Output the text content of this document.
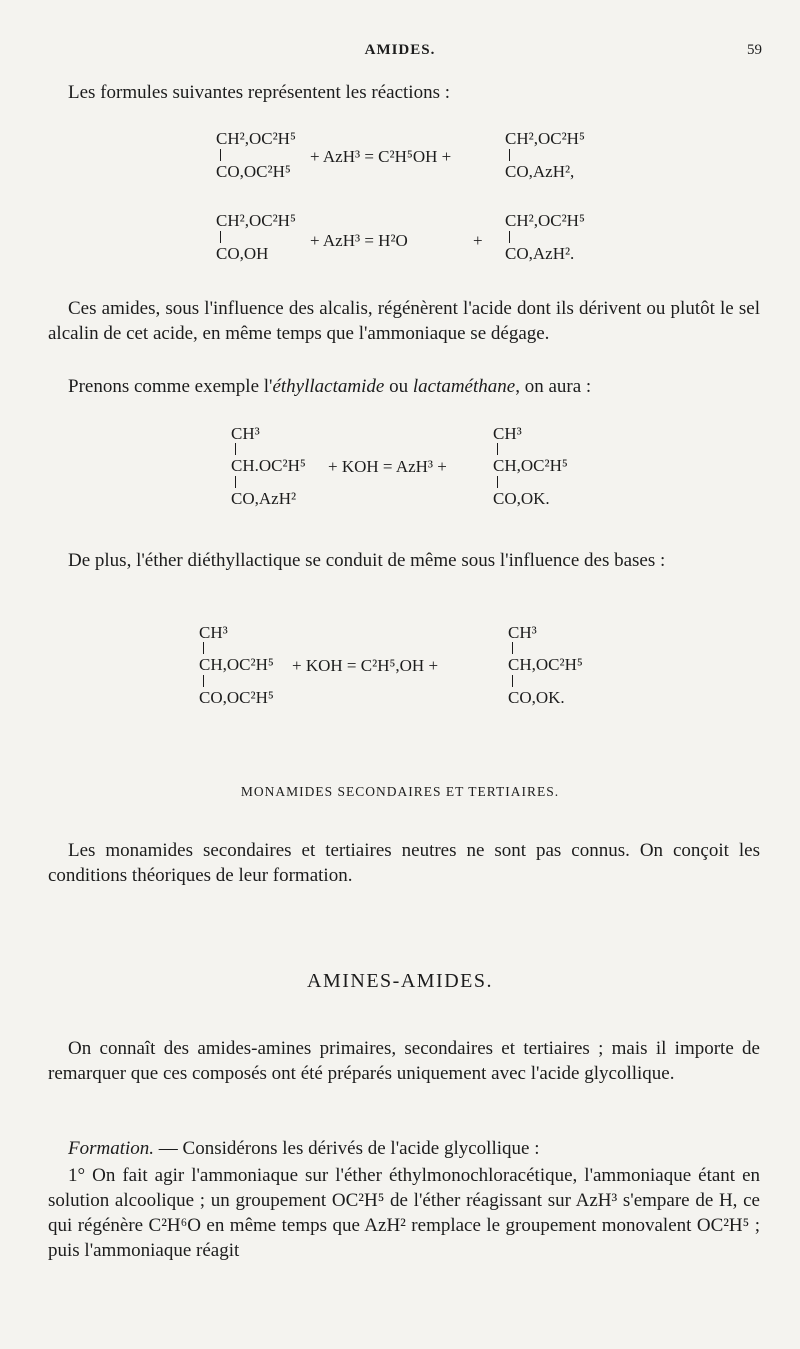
AMIDES.	59

Les formules suivantes représentent les réactions :

CH²,OC²H⁵
CO,OC²H⁵
+ AzH³ = C²H⁵OH +
CH²,OC²H⁵
CO,AzH²,
CH²,OC²H⁵
CO,OH
+ AzH³ = H²O	+
CH²,OC²H⁵
CO,AzH².

Ces amides, sous l'influence des alcalis, régénèrent l'acide dont ils dérivent ou plutôt le sel alcalin de cet acide, en même temps que l'ammoniaque se dégage.

Prenons comme exemple l'éthyllactamide ou lactaméthane, on aura :

CH³
CH.OC²H⁵
CO,AzH²
+ KOH = AzH³ +
CH³
CH,OC²H⁵
CO,OK.

De plus, l'éther diéthyllactique se conduit de même sous l'influence des bases :

CH³
CH,OC²H⁵
CO,OC²H⁵
+ KOH = C²H⁵,OH +
CH³
CH,OC²H⁵
CO,OK.
MONAMIDES SECONDAIRES ET TERTIAIRES.

Les monamides secondaires et tertiaires neutres ne sont pas connus. On conçoit les conditions théoriques de leur formation.

AMINES-AMIDES.

On connaît des amides-amines primaires, secondaires et tertiaires ; mais il importe de remarquer que ces composés ont été préparés uniquement avec l'acide glycollique.

Formation. — Considérons les dérivés de l'acide glycollique :

1° On fait agir l'ammoniaque sur l'éther éthylmonochloracétique, l'ammoniaque étant en solution alcoolique ; un groupement OC²H⁵ de l'éther réagissant sur AzH³ s'empare de H, ce qui régénère C²H⁶O en même temps que AzH² remplace le groupement monovalent OC²H⁵ ; puis l'ammoniaque réagit
